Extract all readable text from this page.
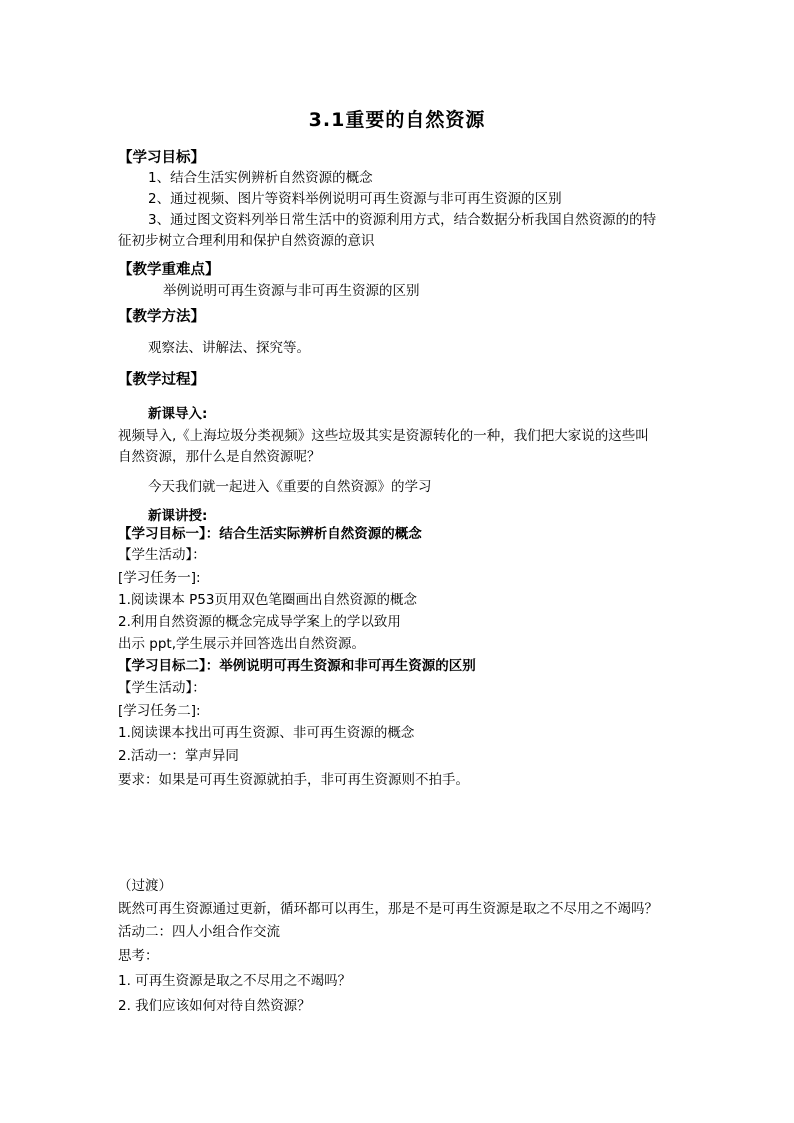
3.1重要的自然资源
【学习目标】
1、结合生活实例辨析自然资源的概念
2、通过视频、图片等资料举例说明可再生资源与非可再生资源的区别
3、通过图文资料列举日常生活中的资源利用方式，结合数据分析我国自然资源的的特
征初步树立合理利用和保护自然资源的意识
【教学重难点】
举例说明可再生资源与非可再生资源的区别
【教学方法】
观察法、讲解法、探究等。
【教学过程】
新课导入:
视频导入,《上海垃圾分类视频》这些垃圾其实是资源转化的一种，我们把大家说的这些叫
自然资源，那什么是自然资源呢？
今天我们就一起进入《重要的自然资源》的学习
新课讲授:
【学习目标一】：结合生活实际辨析自然资源的概念
【学生活动】：
[学习任务一]:
1.阅读课本 P53页用双色笔圈画出自然资源的概念
2.利用自然资源的概念完成导学案上的学以致用
出示 ppt,学生展示并回答选出自然资源。
【学习目标二】：举例说明可再生资源和非可再生资源的区别
【学生活动】：
[学习任务二]:
1.阅读课本找出可再生资源、非可再生资源的概念
2.活动一：掌声异同
要求：如果是可再生资源就拍手，非可再生资源则不拍手。
（过渡）
既然可再生资源通过更新，循环都可以再生，那是不是可再生资源是取之不尽用之不竭吗？
活动二：四人小组合作交流
思考：
1. 可再生资源是取之不尽用之不竭吗？
2. 我们应该如何对待自然资源？
